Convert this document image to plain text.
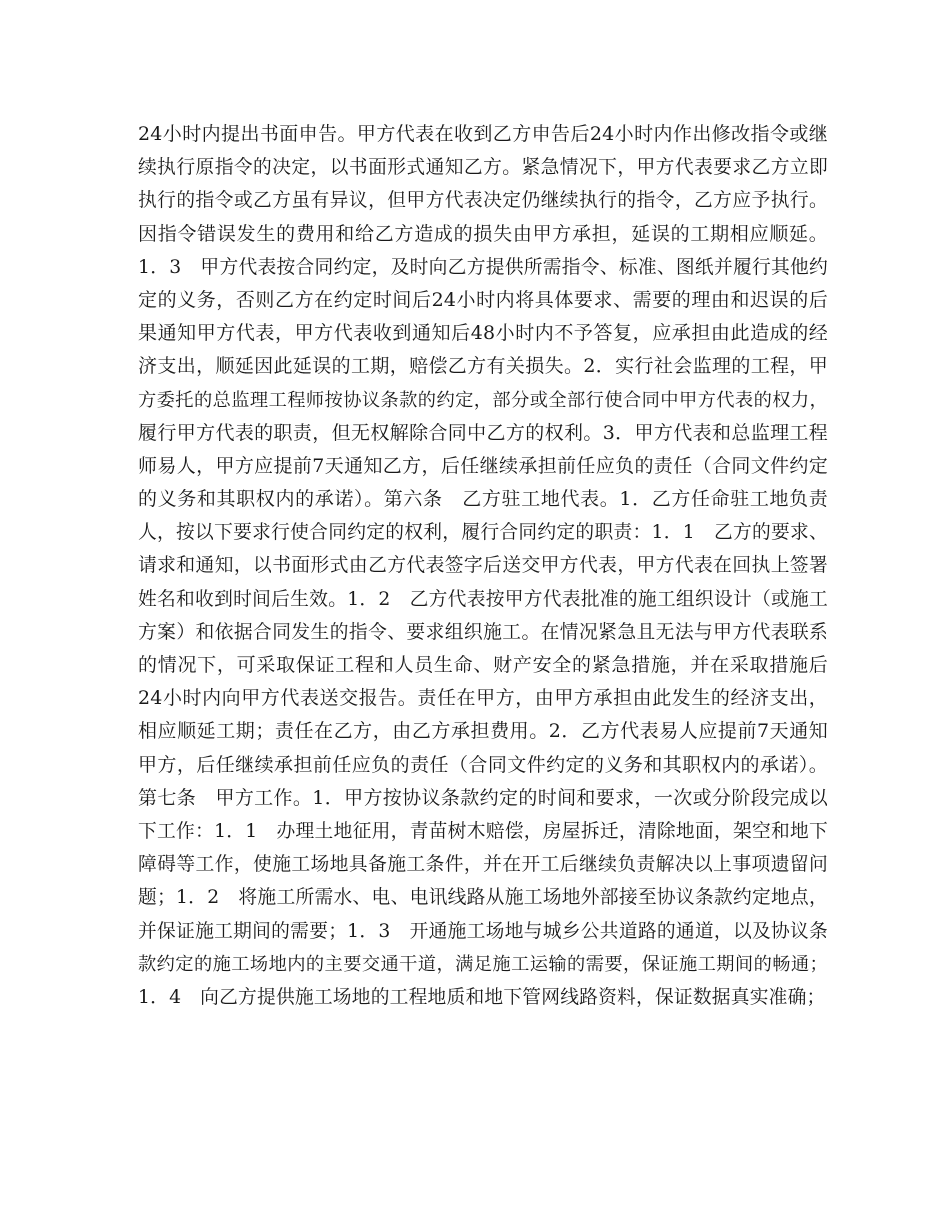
24小时内提出书面申告。甲方代表在收到乙方申告后24小时内作出修改指令或继
续执行原指令的决定，以书面形式通知乙方。紧急情况下，甲方代表要求乙方立即
执行的指令或乙方虽有异议，但甲方代表决定仍继续执行的指令，乙方应予执行。
因指令错误发生的费用和给乙方造成的损失由甲方承担，延误的工期相应顺延。
1．3　甲方代表按合同约定，及时向乙方提供所需指令、标准、图纸并履行其他约
定的义务，否则乙方在约定时间后24小时内将具体要求、需要的理由和迟误的后
果通知甲方代表，甲方代表收到通知后48小时内不予答复，应承担由此造成的经
济支出，顺延因此延误的工期，赔偿乙方有关损失。2．实行社会监理的工程，甲
方委托的总监理工程师按协议条款的约定，部分或全部行使合同中甲方代表的权力，
履行甲方代表的职责，但无权解除合同中乙方的权利。3．甲方代表和总监理工程
师易人，甲方应提前7天通知乙方，后任继续承担前任应负的责任（合同文件约定
的义务和其职权内的承诺）。第六条　乙方驻工地代表。1．乙方任命驻工地负责
人，按以下要求行使合同约定的权利，履行合同约定的职责：1．1　乙方的要求、
请求和通知，以书面形式由乙方代表签字后送交甲方代表，甲方代表在回执上签署
姓名和收到时间后生效。1．2　乙方代表按甲方代表批准的施工组织设计（或施工
方案）和依据合同发生的指令、要求组织施工。在情况紧急且无法与甲方代表联系
的情况下，可采取保证工程和人员生命、财产安全的紧急措施，并在采取措施后
24小时内向甲方代表送交报告。责任在甲方，由甲方承担由此发生的经济支出，
相应顺延工期；责任在乙方，由乙方承担费用。2．乙方代表易人应提前7天通知
甲方，后任继续承担前任应负的责任（合同文件约定的义务和其职权内的承诺）。
第七条　甲方工作。1．甲方按协议条款约定的时间和要求，一次或分阶段完成以
下工作：1．1　办理土地征用，青苗树木赔偿，房屋拆迁，清除地面，架空和地下
障碍等工作，使施工场地具备施工条件，并在开工后继续负责解决以上事项遗留问
题；1．2　将施工所需水、电、电讯线路从施工场地外部接至协议条款约定地点，
并保证施工期间的需要；1．3　开通施工场地与城乡公共道路的通道，以及协议条
款约定的施工场地内的主要交通干道，满足施工运输的需要，保证施工期间的畅通；
1．4　向乙方提供施工场地的工程地质和地下管网线路资料，保证数据真实准确；
